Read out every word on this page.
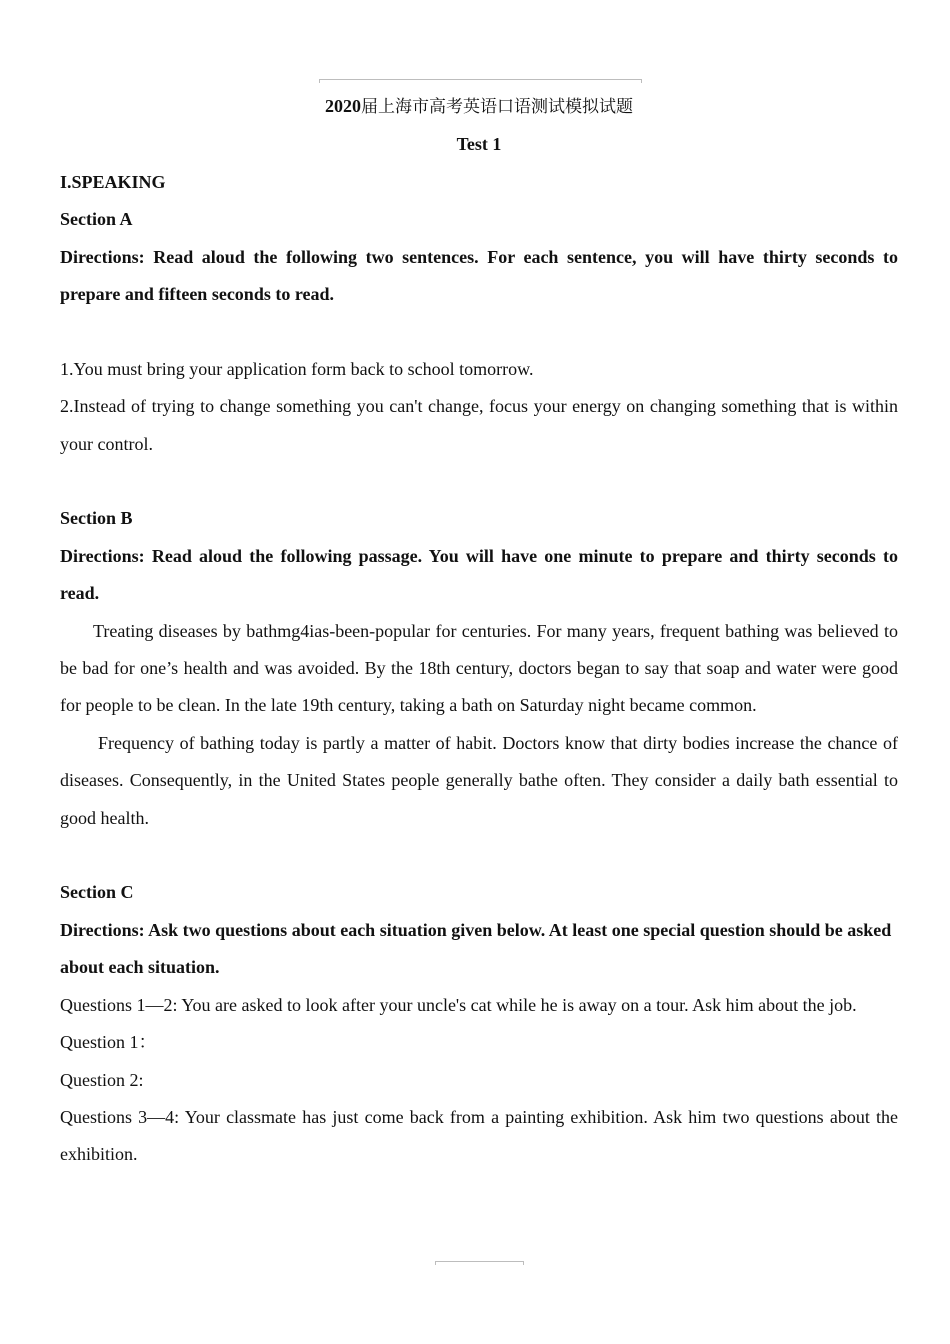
2020届上海市高考英语口语测试模拟试题
Test 1
I.SPEAKING
Section A
Directions: Read aloud the following two sentences. For each sentence, you will have thirty seconds to prepare and fifteen seconds to read.
1.You must bring your application form back to school tomorrow.
2.Instead of trying to change something you can't change, focus your energy on changing something that is within your control.
Section B
Directions: Read aloud the following passage. You will have one minute to prepare and thirty seconds to read.
Treating diseases by bathmg4ias-been-popular for centuries. For many years, frequent bathing was believed to be bad for one’s health and was avoided. By the 18th century, doctors began to say that soap and water were good for people to be clean. In the late 19th century, taking a bath on Saturday night became common.
Frequency of bathing today is partly a matter of habit. Doctors know that dirty bodies increase the chance of diseases. Consequently, in the United States people generally bathe often. They consider a daily bath essential to good health.
Section C
Directions: Ask two questions about each situation given below. At least one special question should be asked about each situation.
Questions 1—2: You are asked to look after your uncle's cat while he is away on a tour. Ask him about the job.
Question 1：
Question 2:
Questions 3—4: Your classmate has just come back from a painting exhibition. Ask him two questions about the exhibition.
